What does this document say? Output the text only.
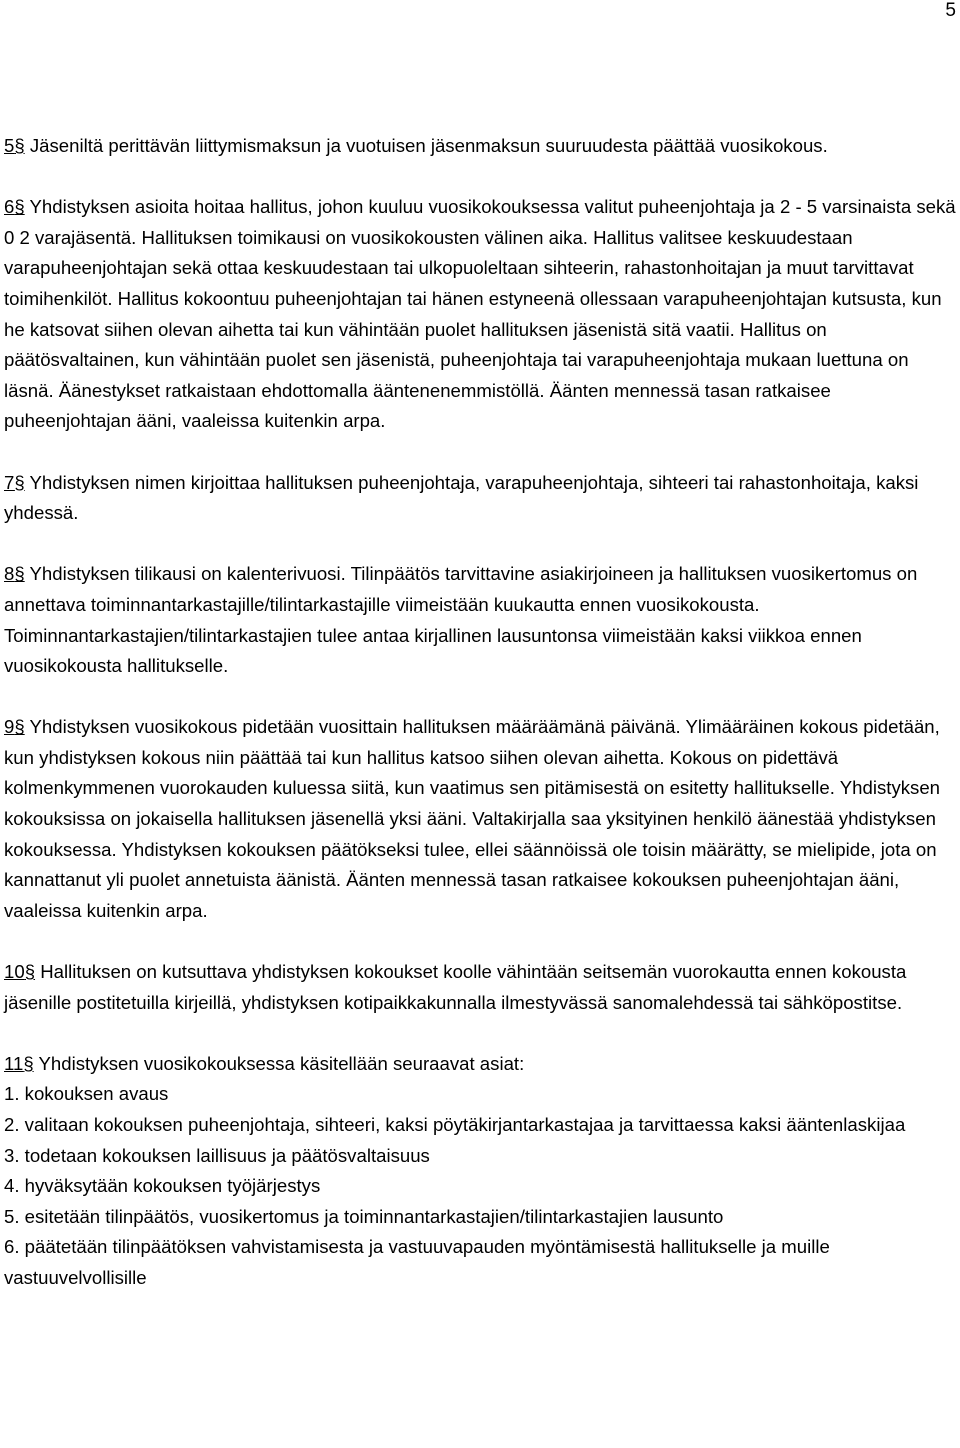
5

5§ Jäseniltä perittävän liittymismaksun ja vuotuisen jäsenmaksun suuruudesta päättää vuosikokous.

6§ Yhdistyksen asioita hoitaa hallitus, johon kuuluu vuosikokouksessa valitut puheenjohtaja ja 2 - 5 varsinaista sekä 0 2 varajäsentä. Hallituksen toimikausi on vuosikokousten välinen aika. Hallitus valitsee keskuudestaan varapuheenjohtajan sekä ottaa keskuudestaan tai ulkopuoleltaan sihteerin, rahastonhoitajan ja muut tarvittavat toimihenkilöt. Hallitus kokoontuu puheenjohtajan tai hänen estyneenä ollessaan varapuheenjohtajan kutsusta, kun he katsovat siihen olevan aihetta tai kun vähintään puolet hallituksen jäsenistä sitä vaatii. Hallitus on päätösvaltainen, kun vähintään puolet sen jäsenistä, puheenjohtaja tai varapuheenjohtaja mukaan luettuna on läsnä. Äänestykset ratkaistaan ehdottomalla ääntenenemmistöllä. Äänten mennessä tasan ratkaisee puheenjohtajan ääni, vaaleissa kuitenkin arpa.

7§ Yhdistyksen nimen kirjoittaa hallituksen puheenjohtaja, varapuheenjohtaja, sihteeri tai rahastonhoitaja, kaksi yhdessä.

8§ Yhdistyksen tilikausi on kalenterivuosi. Tilinpäätös tarvittavine asiakirjoineen ja hallituksen vuosikertomus on annettava toiminnantarkastajille/tilintarkastajille viimeistään kuukautta ennen vuosikokousta. Toiminnantarkastajien/tilintarkastajien tulee antaa kirjallinen lausuntonsa viimeistään kaksi viikkoa ennen vuosikokousta hallitukselle.

9§ Yhdistyksen vuosikokous pidetään vuosittain hallituksen määräämänä päivänä. Ylimääräinen kokous pidetään, kun yhdistyksen kokous niin päättää tai kun hallitus katsoo siihen olevan aihetta. Kokous on pidettävä kolmenkymmenen vuorokauden kuluessa siitä, kun vaatimus sen pitämisestä on esitetty hallitukselle. Yhdistyksen kokouksissa on jokaisella hallituksen jäsenellä yksi ääni. Valtakirjalla saa yksityinen henkilö äänestää yhdistyksen kokouksessa. Yhdistyksen kokouksen päätökseksi tulee, ellei säännöissä ole toisin määrätty, se mielipide, jota on kannattanut yli puolet annetuista äänistä. Äänten mennessä tasan ratkaisee kokouksen puheenjohtajan ääni, vaaleissa kuitenkin arpa.

10§ Hallituksen on kutsuttava yhdistyksen kokoukset koolle vähintään seitsemän vuorokautta ennen kokousta jäsenille postitetuilla kirjeillä, yhdistyksen kotipaikkakunnalla ilmestyvässä sanomalehdessä tai sähköpostitse.

11§ Yhdistyksen vuosikokouksessa käsitellään seuraavat asiat:
1. kokouksen avaus
2. valitaan kokouksen puheenjohtaja, sihteeri, kaksi pöytäkirjantarkastajaa ja tarvittaessa kaksi ääntenlaskijaa
3. todetaan kokouksen laillisuus ja päätösvaltaisuus
4. hyväksytään kokouksen työjärjestys
5. esitetään tilinpäätös, vuosikertomus ja toiminnantarkastajien/tilintarkastajien lausunto
6. päätetään tilinpäätöksen vahvistamisesta ja vastuuvapauden myöntämisestä hallitukselle ja muille vastuuvelvollisille
